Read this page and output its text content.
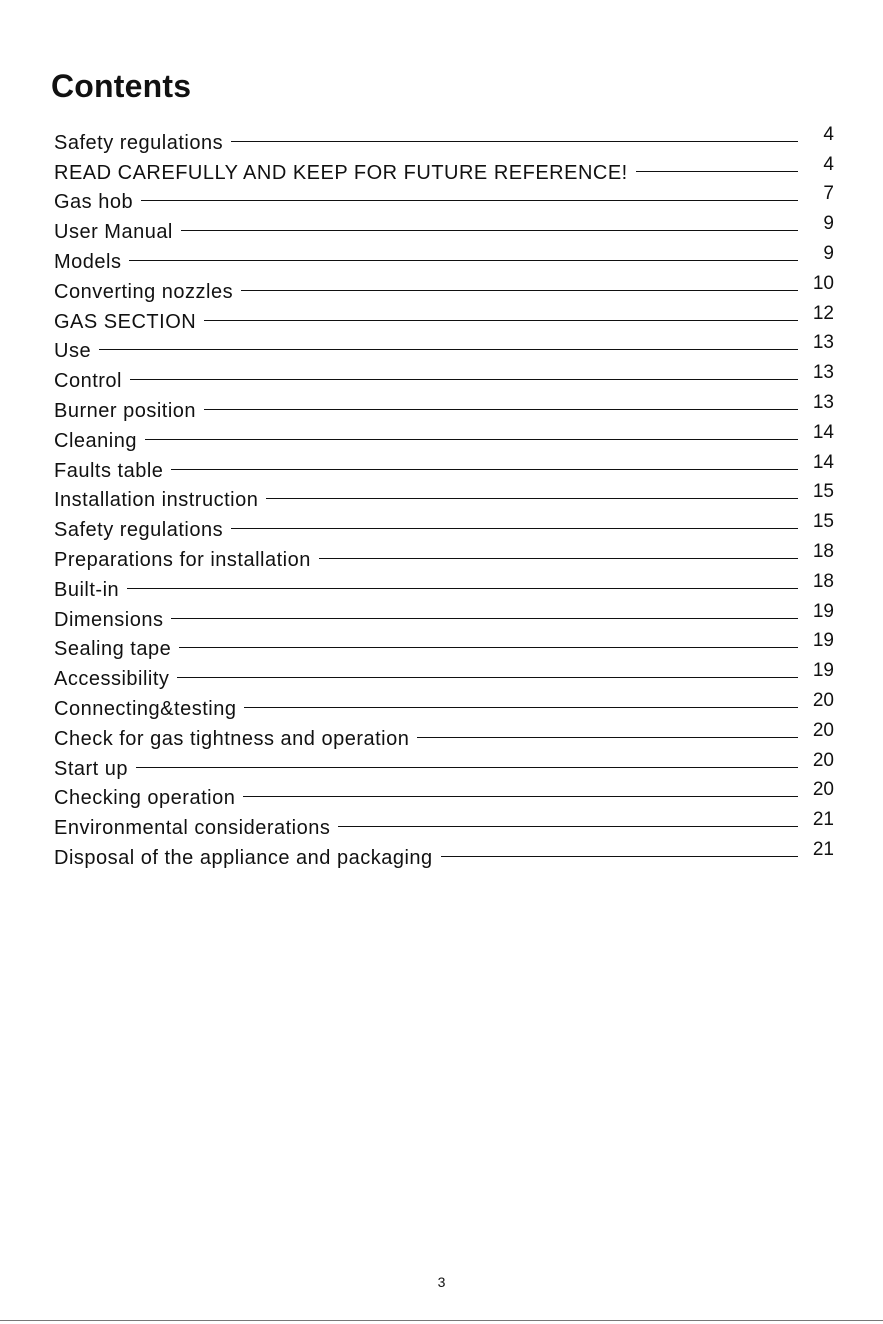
Contents
Safety regulations	4
READ CAREFULLY AND KEEP FOR FUTURE REFERENCE!	4
Gas hob	7
User Manual	9
Models	9
Converting nozzles	10
GAS SECTION	12
Use	13
Control	13
Burner position	13
Cleaning	14
Faults table	14
Installation instruction	15
Safety regulations	15
Preparations for installation	18
Built-in	18
Dimensions	19
Sealing tape	19
Accessibility	19
Connecting&testing	20
Check for gas tightness and operation	20
Start up	20
Checking operation	20
Environmental considerations	21
Disposal of the appliance and packaging	21
3
